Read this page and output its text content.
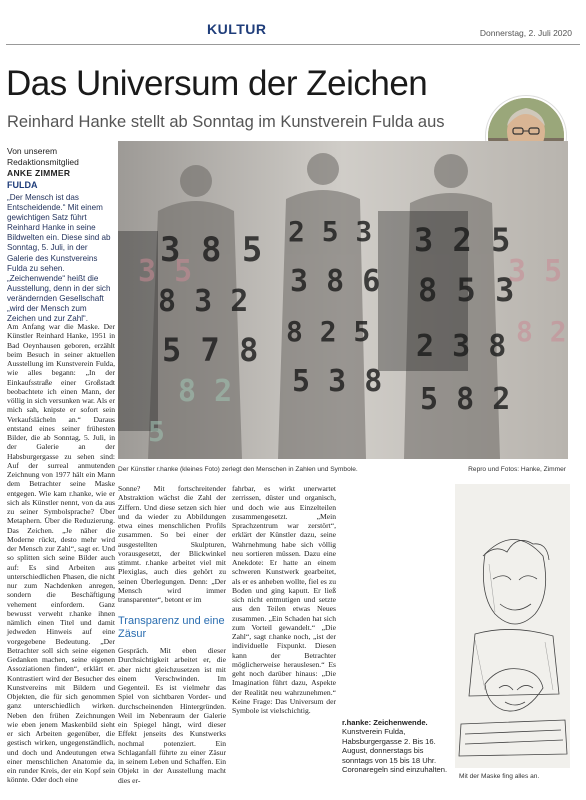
KULTUR	Donnerstag, 2. Juli 2020
Das Universum der Zeichen
Reinhard Hanke stellt ab Sonntag im Kunstverein Fulda aus
Von unserem Redaktionsmitglied
ANKE ZIMMER
FULDA
„Der Mensch ist das Entscheidende.“ Mit einem gewichtigen Satz führt Reinhard Hanke in seine Bildwelten ein. Diese sind ab Sonntag, 5. Juli, in der Galerie des Kunstvereins Fulda zu sehen. „Zeichenwende“ heißt die Ausstellung, denn in der sich verändernden Gesellschaft „wird der Mensch zum Zeichen und zur Zahl“.

Am Anfang war die Maske. Der Künstler Reinhard Hanke, 1951 in Bad Oeynhausen geboren, erzählt beim Besuch in seiner aktuellen Ausstellung im Kunstverein Fulda, wie alles begann: „In der Einkaufsstraße einer Großstadt beobachtete ich einen Mann, der völlig in sich versunken war. Als er mich sah, knipste er sofort sein Verkaufslächeln an.“ Daraus entstand eines seiner frühesten Bilder, die ab Sonntag, 5. Juli, in der Galerie an der Habsburgergasse zu sehen sind: Auf der surreal anmutenden Zeichnung von 1977 hält ein Mann dem Betrachter seine Maske entgegen. Wie kam r.hanke, wie er sich als Künstler nennt, von da aus zu seiner Symbolsprache? Über Metaphern. Über die Reduzierung. Das Zeichen. „Je näher die Moderne rückt, desto mehr wird der Mensch zur Zahl“, sagt er. Und so splitten sich seine Bilder auch auf: Es sind Arbeiten aus unterschiedlichen Phasen, die nicht nur zum Nachdenken anregen, sondern die Beschäftigung vehement einfordern. Ganz bewusst verweht r.hanke ihnen nämlich einen Titel und damit jedweden Hinweis auf eine vorgegebene Bedeutung. „Der Betrachter soll sich seine eigenen Gedanken machen, seine eigenen Assoziationen finden“, erklärt er. Kontrastiert wird der Besucher des Kunstvereins mit Bildern und Objekten, die für sich genommen ganz unterschiedlich wirken. Neben den frühen Zeichnungen wie eben jenem Maskenbild sieht er sich Arbeiten gegenüber, die gestisch wirken, ungegenständlich, und doch und Andeutungen etwa einer menschlichen Anatomie da, ein runder Kreis, der ein Kopf sein könnte. Oder doch eine

3 8 5
8 3 2
5 7 8
2 5 3
3 8 6
8 2 5
5 3 8
3 2 5
8 5 3
2 3 8
5 8 2
3 5	3 5
8 2
8 2
5
Der Künstler r.hanke (kleines Foto) zerlegt den Menschen in Zahlen und Symbole.	Repro und Fotos: Hanke, Zimmer

Sonne? Mit fortschreitender Abstraktion wächst die Zahl der Ziffern. Und diese setzen sich hier und da wieder zu Abbildungen etwa eines menschlichen Profils zusammen. So bei einer der ausgestellten Skulpturen, vorausgesetzt, der Blickwinkel stimmt. r.hanke arbeitet viel mit Plexiglas, auch dies gehört zu seinen Überlegungen. Denn: „Der Mensch wird immer transparenter“, betont er im

Transparenz und eine Zäsur

Gespräch. Mit eben dieser Durchsichtigkeit arbeitet er, die aber nicht gleichzusetzen ist mit einem Verschwinden. Im Gegenteil. Es ist vielmehr das Spiel von sichtbaren Vorder- und durchscheinenden Hintergründen. Weil im Nebenraum der Galerie ein Spiegel hängt, wird dieser Effekt jenseits des Kunstwerks nochmal potenziert. Ein Schlaganfall führte zu einer Zäsur in seinem Leben und Schaffen. Ein Objekt in der Ausstellung macht dies er-

fahrbar, es wirkt unerwartet zerrissen, düster und organisch, und doch wie aus Einzelteilen zusammengesetzt. „Mein Sprachzentrum war zerstört“, erklärt der Künstler dazu, seine Wahrnehmung habe sich völlig neu sortieren müssen. Dazu eine Anekdote: Er hatte an einem schweren Kunstwerk gearbeitet, als er es anheben wollte, fiel es zu Boden und ging kaputt. Er ließ sich nicht entmutigen und setzte aus den Teilen etwas Neues zusammen. „Ein Schaden hat sich zum Vorteil gewandelt.“ „Die Zahl“, sagt r.hanke noch, „ist der individuelle Fixpunkt. Diesen kann der Betrachter möglicherweise herauslesen.“ Es geht noch darüber hinaus: „Die Imagination führt dazu, Aspekte der Realität neu wahrzunehmen.“ Keine Frage: Das Universum der Symbole ist vielschichtig.

r.hanke: Zeichenwende. Kunstverein Fulda, Habsburgergasse 2. Bis 16. August, donnerstags bis sonntags von 15 bis 18 Uhr. Coronaregeln sind einzuhalten.
Mit der Maske fing alles an.
